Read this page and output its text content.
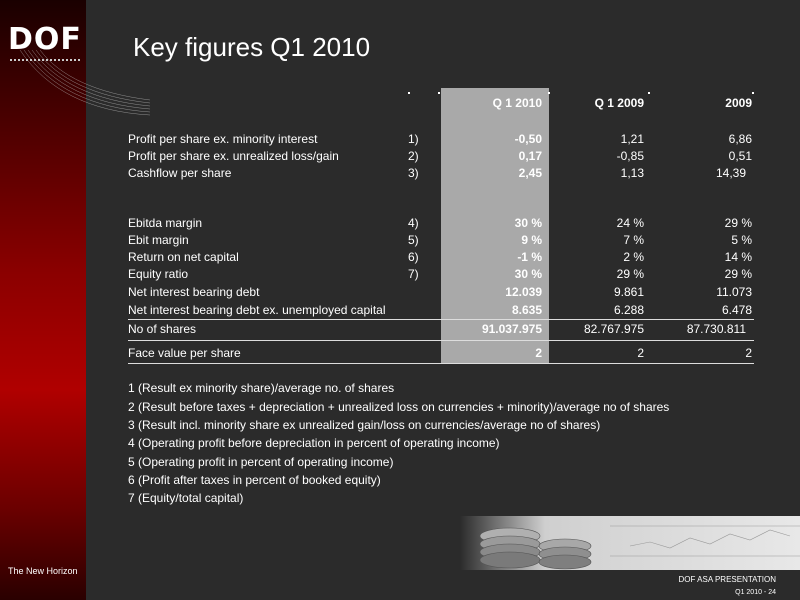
DOF
The New Horizon
Key figures Q1 2010
Q 1 2010	Q 1 2009	2009
Profit per share ex. minority interest	1)	-0,50	1,21	6,86
Profit per share ex. unrealized loss/gain	2)	0,17	-0,85	0,51
Cashflow per share	3)	2,45	1,13	14,39
Ebitda margin	4)	30 %	24 %	29 %
Ebit margin	5)	9 %	7 %	5 %
Return on net capital	6)	-1 %	2 %	14 %
Equity ratio	7)	30 %	29 %	29 %
Net interest bearing debt	12.039	9.861	11.073
Net interest bearing debt ex. unemployed capital	8.635	6.288	6.478
No of shares	91.037.975	82.767.975	87.730.811
Face value per share	2	2	2
1 (Result ex minority share)/average no. of shares
2 (Result before taxes + depreciation + unrealized loss on currencies + minority)/average no of shares
3 (Result incl. minority share ex unrealized gain/loss on currencies/average no of shares)
4 (Operating profit before depreciation in percent of operating income)
5 (Operating profit in percent of operating income)
6 (Profit after taxes in percent of booked equity)
7 (Equity/total capital)
DOF ASA PRESENTATION
Q1 2010 - 24
